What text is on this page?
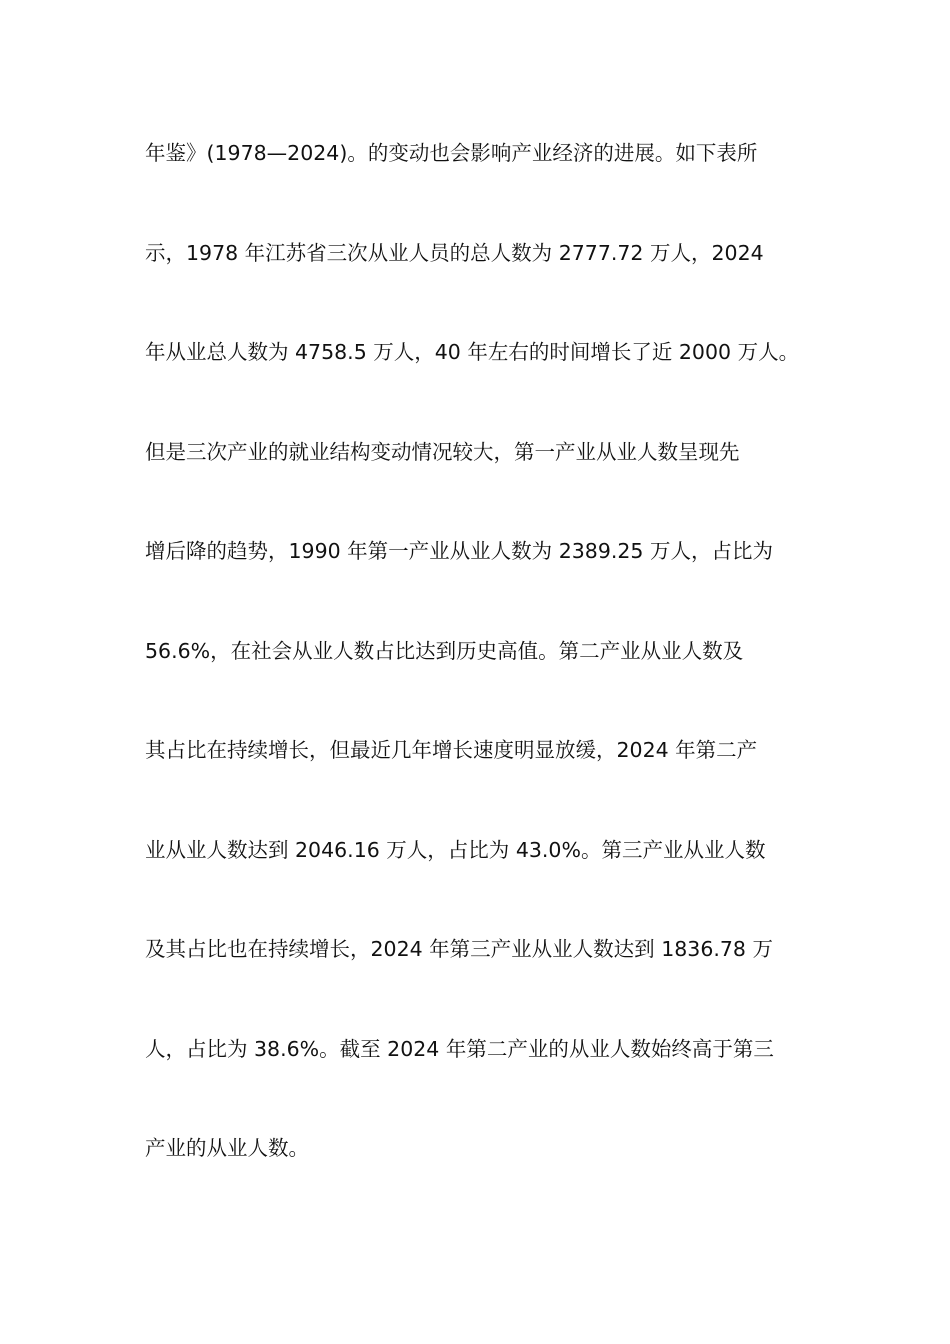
年鉴》(1978—2024)。的变动也会影响产业经济的进展。如下表所
示，1978 年江苏省三次从业人员的总人数为 2777.72 万人，2024
年从业总人数为 4758.5 万人，40 年左右的时间增长了近 2000 万人。
但是三次产业的就业结构变动情况较大，第一产业从业人数呈现先
增后降的趋势，1990 年第一产业从业人数为 2389.25 万人，占比为
56.6%，在社会从业人数占比达到历史高值。第二产业从业人数及
其占比在持续增长，但最近几年增长速度明显放缓，2024 年第二产
业从业人数达到 2046.16 万人，占比为 43.0%。第三产业从业人数
及其占比也在持续增长，2024 年第三产业从业人数达到 1836.78 万
人，占比为 38.6%。截至 2024 年第二产业的从业人数始终高于第三
产业的从业人数。
